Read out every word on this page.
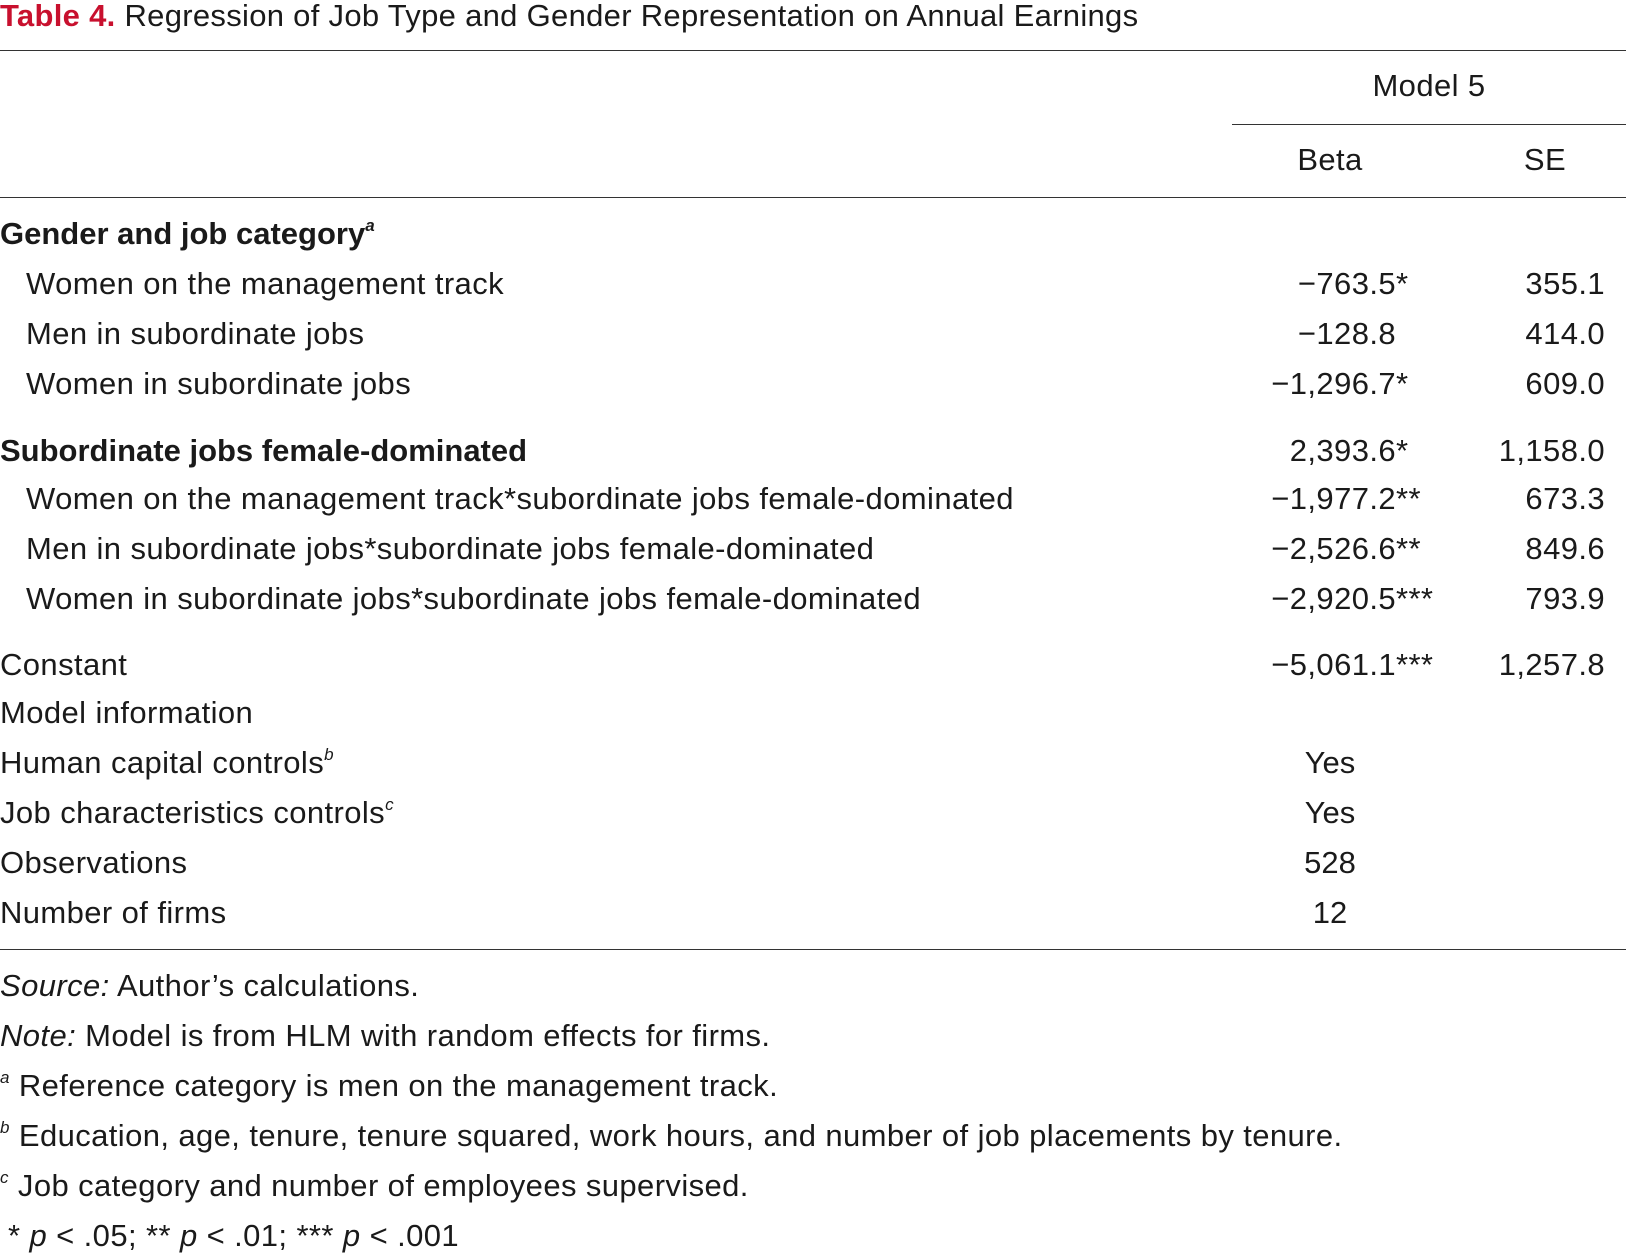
Table 4. Regression of Job Type and Gender Representation on Annual Earnings
Model 5
Beta	SE
Gender and job category$^a$
Women on the management track	−763.5*	355.1
Men in subordinate jobs	−128.8	414.0
Women in subordinate jobs	−1,296.7*	609.0
Subordinate jobs female-dominated	2,393.6*	1,158.0
Women on the management track*subordinate jobs female-dominated	−1,977.2**	673.3
Men in subordinate jobs*subordinate jobs female-dominated	−2,526.6**	849.6
Women in subordinate jobs*subordinate jobs female-dominated	−2,920.5***	793.9
Constant	−5,061.1***	1,257.8
Model information
Human capital controls$^b$	Yes
Job characteristics controls$^c$	Yes
Observations	528
Number of firms	12
Source: Author’s calculations.
Note: Model is from HLM with random effects for firms.
$^a$ Reference category is men on the management track.
$^b$ Education, age, tenure, tenure squared, work hours, and number of job placements by tenure.
$^c$ Job category and number of employees supervised.
* p < .05; ** p < .01; *** p < .001
